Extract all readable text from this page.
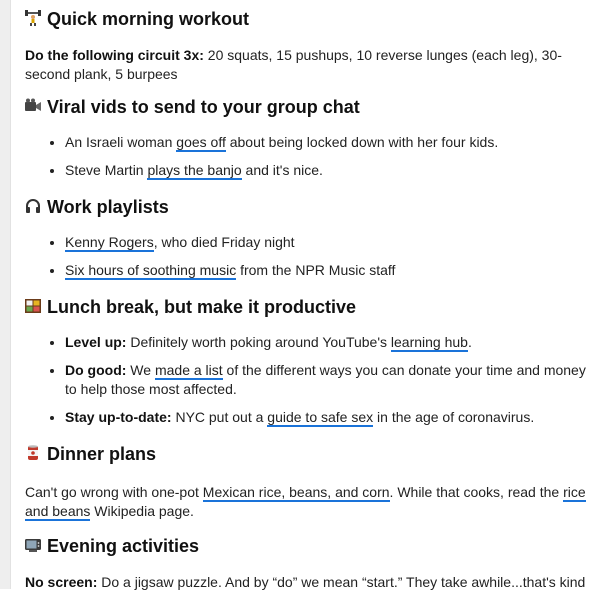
Quick morning workout

Do the following circuit 3x: 20 squats, 15 pushups, 10 reverse lunges (each leg), 30-second plank, 5 burpees

Viral vids to send to your group chat
• An Israeli woman goes off about being locked down with her four kids.
• Steve Martin plays the banjo and it's nice.
Work playlists
• Kenny Rogers, who died Friday night
• Six hours of soothing music from the NPR Music staff
Lunch break, but make it productive
• Level up: Definitely worth poking around YouTube's learning hub.
• Do good: We made a list of the different ways you can donate your time and money to help those most affected.
• Stay up-to-date: NYC put out a guide to safe sex in the age of coronavirus.
Dinner plans

Can't go wrong with one-pot Mexican rice, beans, and corn. While that cooks, read the rice and beans Wikipedia page.

Evening activities

No screen: Do a jigsaw puzzle. And by “do” we mean “start.” They take awhile...that's kind
